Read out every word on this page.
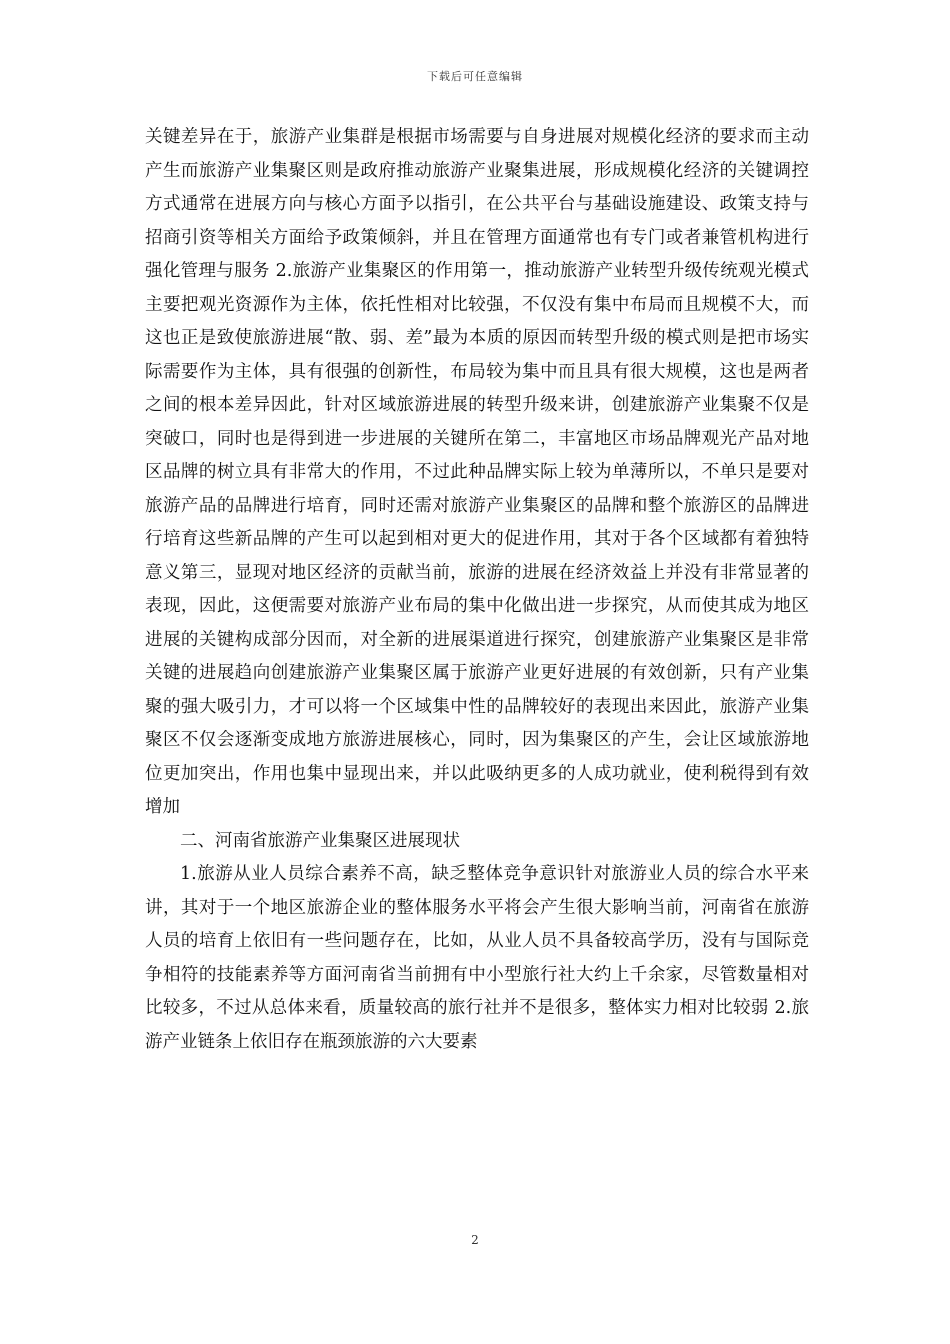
下载后可任意编辑

关键差异在于，旅游产业集群是根据市场需要与自身进展对规模化经济的要求而主动产生而旅游产业集聚区则是政府推动旅游产业聚集进展，形成规模化经济的关键调控方式通常在进展方向与核心方面予以指引，在公共平台与基础设施建设、政策支持与招商引资等相关方面给予政策倾斜，并且在管理方面通常也有专门或者兼管机构进行强化管理与服务 2.旅游产业集聚区的作用第一，推动旅游产业转型升级传统观光模式主要把观光资源作为主体，依托性相对比较强，不仅没有集中布局而且规模不大，而这也正是致使旅游进展“散、弱、差”最为本质的原因而转型升级的模式则是把市场实际需要作为主体，具有很强的创新性，布局较为集中而且具有很大规模，这也是两者之间的根本差异因此，针对区域旅游进展的转型升级来讲，创建旅游产业集聚不仅是突破口，同时也是得到进一步进展的关键所在第二，丰富地区市场品牌观光产品对地区品牌的树立具有非常大的作用，不过此种品牌实际上较为单薄所以，不单只是要对旅游产品的品牌进行培育，同时还需对旅游产业集聚区的品牌和整个旅游区的品牌进行培育这些新品牌的产生可以起到相对更大的促进作用，其对于各个区域都有着独特意义第三，显现对地区经济的贡献当前，旅游的进展在经济效益上并没有非常显著的表现，因此，这便需要对旅游产业布局的集中化做出进一步探究，从而使其成为地区进展的关键构成部分因而，对全新的进展渠道进行探究，创建旅游产业集聚区是非常关键的进展趋向创建旅游产业集聚区属于旅游产业更好进展的有效创新，只有产业集聚的强大吸引力，才可以将一个区域集中性的品牌较好的表现出来因此，旅游产业集聚区不仅会逐渐变成地方旅游进展核心，同时，因为集聚区的产生，会让区域旅游地位更加突出，作用也集中显现出来，并以此吸纳更多的人成功就业，使利税得到有效增加

二、河南省旅游产业集聚区进展现状

1.旅游从业人员综合素养不高，缺乏整体竞争意识针对旅游业人员的综合水平来讲，其对于一个地区旅游企业的整体服务水平将会产生很大影响当前，河南省在旅游人员的培育上依旧有一些问题存在，比如，从业人员不具备较高学历，没有与国际竞争相符的技能素养等方面河南省当前拥有中小型旅行社大约上千余家，尽管数量相对比较多，不过从总体来看，质量较高的旅行社并不是很多，整体实力相对比较弱 2.旅游产业链条上依旧存在瓶颈旅游的六大要素

2
